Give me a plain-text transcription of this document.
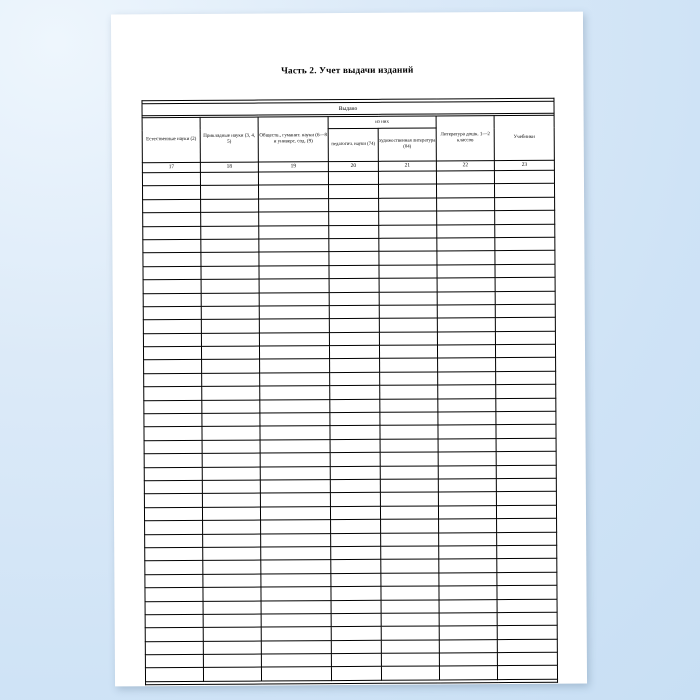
Часть 2. Учет выдачи изданий

Выдано						

Естественные науки (2)	Прикладные науки (3, 4, 5)	Обществ., гуманит. науки (6—8 и универс. сод. (9)	из них		Литература дошк. 1—2 классов	Учебники
			педагогич. науки (74)	художественная литература (84)		
17	18	19	20	21	22	23
